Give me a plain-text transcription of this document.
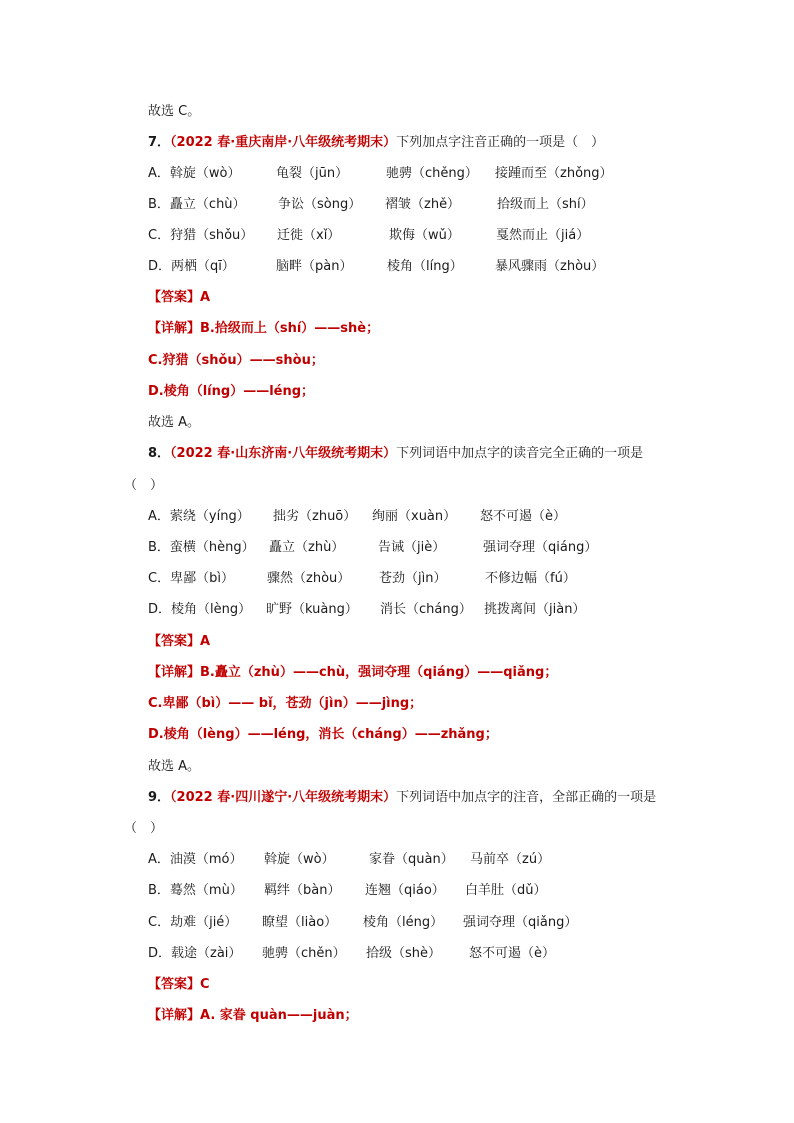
故选 C。
7．（2022 春·重庆南岸·八年级统考期末）下列加点字注音正确的一项是（　）
A．斡旋（wò）	龟裂（jūn）	驰骋（chěng） 接踵而至（zhǒng）
B．矗立（chù） 争讼（sòng） 褶皱（zhě）	拾级而上（shí）
C．狩猎（shǒu） 迁徙（xǐ）	欺侮（wǔ）	戛然而止（jiá）
D．两栖（qī）	脑畔（pàn）	棱角（líng） 暴风骤雨（zhòu）
【答案】A
【详解】B.拾级而上（shí）——shè；
C.狩猎（shǒu）——shòu；
D.棱角（líng）——léng；
故选 A。
8．（2022 春·山东济南·八年级统考期末）下列词语中加点字的读音完全正确的一项是
（　）
A．萦绕（yíng） 拙劣（zhuō） 绚丽（xuàn） 怒不可遏（è）
B．蛮横（hèng） 矗立（zhù）	告诫（jiè）	强词夺理（qiáng）
C．卑鄙（bì）	骤然（zhòu） 苍劲（jìn）	不修边幅（fú）
D．棱角（lèng） 旷野（kuàng） 消长（cháng） 挑拨离间（jiàn）
【答案】A
【详解】B.矗立（zhù）——chù，强词夺理（qiáng）——qiǎng；
C.卑鄙（bì）—— bǐ，苍劲（jìn）——jìng；
D.棱角（lèng）——léng，消长（cháng）——zhǎng；
故选 A。
9．（2022 春·四川遂宁·八年级统考期末）下列词语中加点字的注音，全部正确的一项是
（　）
A．油漠（mó） 斡旋（wò）	家眷（quàn） 马前卒（zú）
B．蓦然（mù） 羁绊（bàn） 连翘（qiáo） 白羊肚（dǔ）
C．劫难（jié） 瞭望（liào） 棱角（léng） 强词夺理（qiǎng）
D．载途（zài） 驰骋（chěn） 拾级（shè） 怒不可遏（è）
【答案】C
【详解】A. 家眷 quàn——juàn；
